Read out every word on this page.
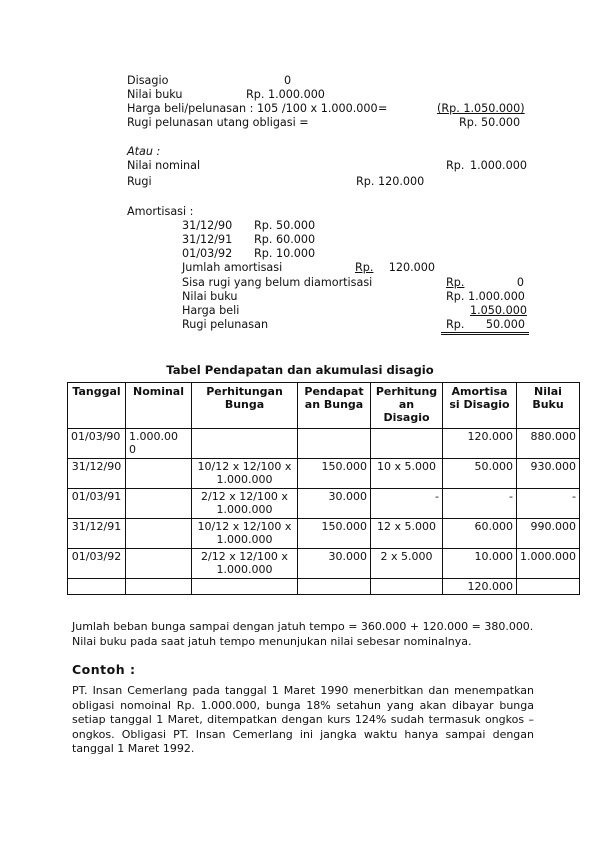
Disagio	0
Nilai buku	Rp. 1.000.000
Harga beli/pelunasan : 105 /100 x 1.000.000 =	(Rp. 1.050.000)
Rugi pelunasan utang obligasi =	Rp. 50.000
Atau :
Nilai nominal	Rp. 1.000.000
Rugi	Rp. 120.000
Amortisasi :
31/12/90 Rp. 50.000
31/12/91 Rp. 60.000
01/03/92 Rp. 10.000
Jumlah amortisasi	Rp. 120.000
Sisa rugi yang belum diamortisasi	Rp.	0
Nilai buku	Rp. 1.000.000
Harga beli	1.050.000
Rugi pelunasan	Rp. 50.000
Tabel Pendapatan dan akumulasi disagio
Tanggal	Nominal	Perhitungan Bunga	Pendapat an Bunga	Perhitung an Disagio	Amortisa si Disagio	Nilai Buku
01/03/90	1.000.00 0				120.000	880.000
31/12/90		10/12 x 12/100 x 1.000.000	150.000	10 x 5.000	50.000	930.000
01/03/91		2/12 x 12/100 x 1.000.000	30.000	-	-	-
31/12/91		10/12 x 12/100 x 1.000.000	150.000	12 x 5.000	60.000	990.000
01/03/92		2/12 x 12/100 x 1.000.000	30.000	2 x 5.000	10.000	1.000.000
					120.000	
Jumlah beban bunga sampai dengan jatuh tempo = 360.000 + 120.000 = 380.000.
Nilai buku pada saat jatuh tempo menunjukan nilai sebesar nominalnya.
Contoh :
PT. Insan Cemerlang pada tanggal 1 Maret 1990 menerbitkan dan menempatkan obligasi nomoinal Rp. 1.000.000, bunga 18% setahun yang akan dibayar bunga setiap tanggal 1 Maret, ditempatkan dengan kurs 124% sudah termasuk ongkos – ongkos. Obligasi PT. Insan Cemerlang ini jangka waktu hanya sampai dengan tanggal 1 Maret 1992.
